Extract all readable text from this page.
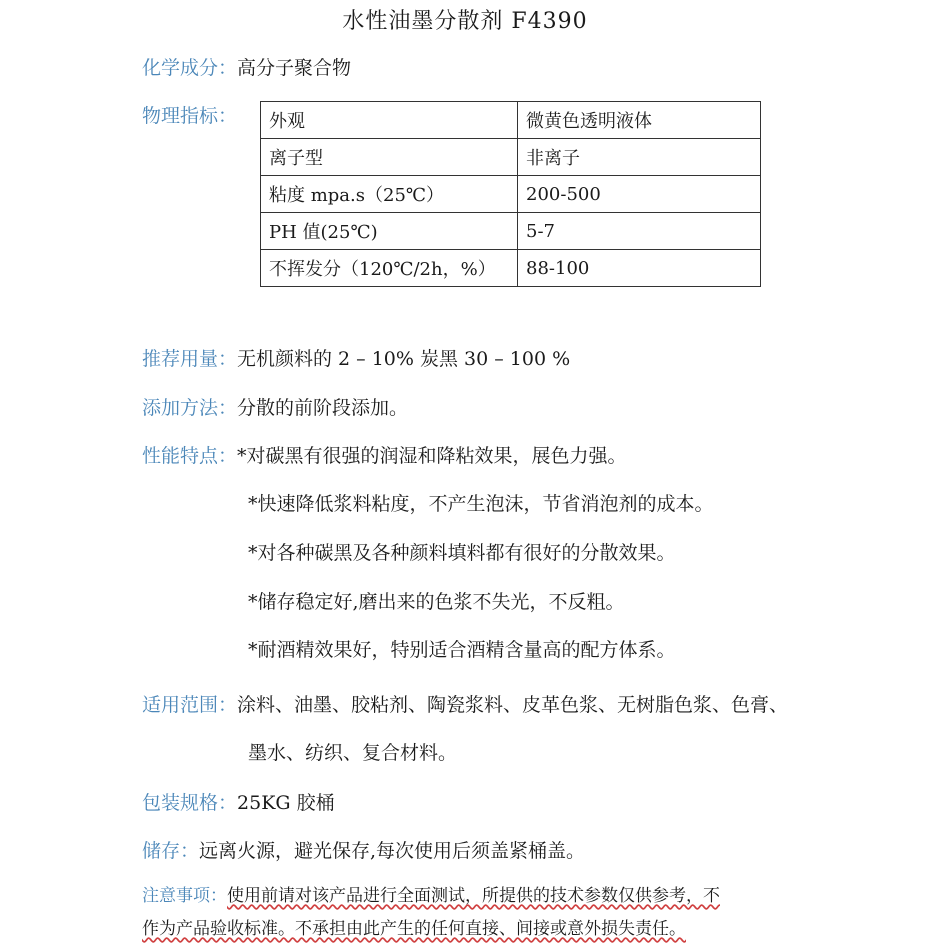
水性油墨分散剂 F4390
化学成分：高分子聚合物
物理指标： 外观	微黄色透明液体
离子型	非离子
粘度 mpa.s（25℃）	200-500
PH 值(25℃)	5-7
不挥发分（120℃/2h，%）	88-100
推荐用量：无机颜料的 2 – 10% 炭黑 30 – 100 %
添加方法：分散的前阶段添加。
性能特点：*对碳黑有很强的润湿和降粘效果，展色力强。
*快速降低浆料粘度，不产生泡沫，节省消泡剂的成本。
*对各种碳黑及各种颜料填料都有很好的分散效果。
*储存稳定好,磨出来的色浆不失光，不反粗。
*耐酒精效果好，特别适合酒精含量高的配方体系。
适用范围：涂料、油墨、胶粘剂、陶瓷浆料、皮革色浆、无树脂色浆、色膏、
墨水、纺织、复合材料。
包装规格：25KG 胶桶
储存：远离火源，避光保存,每次使用后须盖紧桶盖。
注意事项：使用前请对该产品进行全面测试，所提供的技术参数仅供参考，不
作为产品验收标准。不承担由此产生的任何直接、间接或意外损失责任。
